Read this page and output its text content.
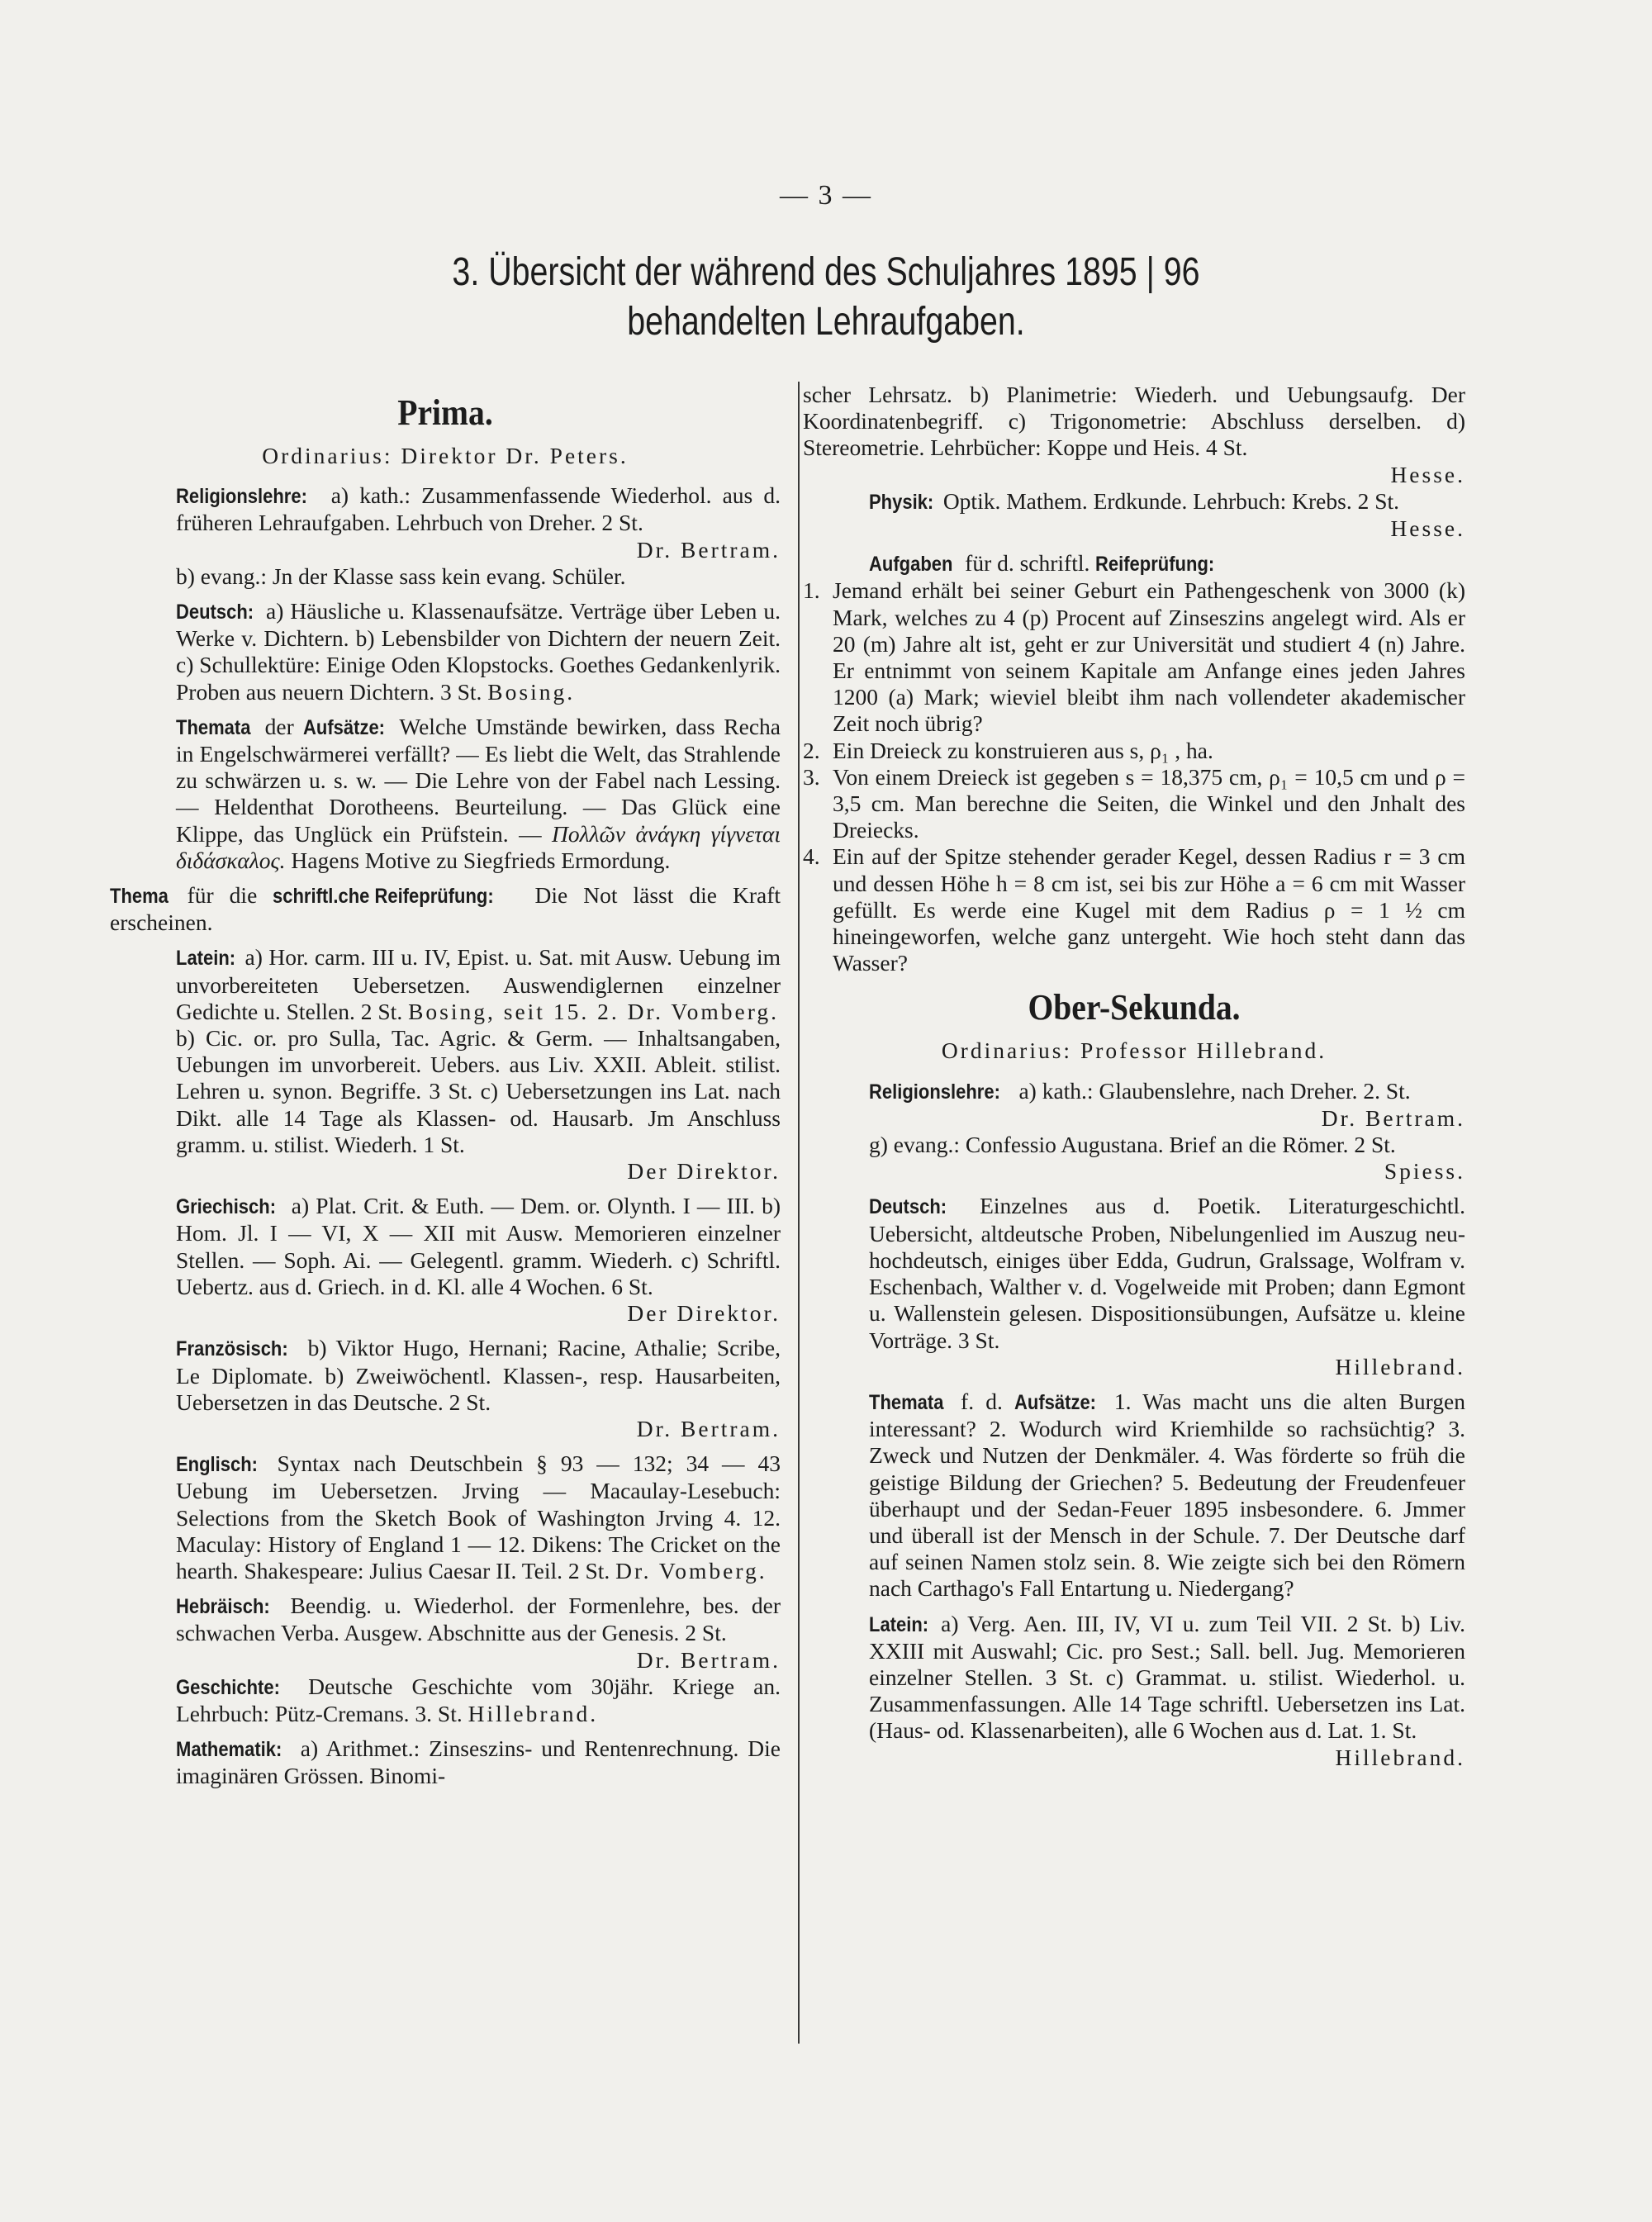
— 3 —
3. Übersicht der während des Schuljahres 1895 | 96
behandelten Lehraufgaben.
Prima.
Ordinarius: Direktor Dr. Peters.

Religionslehre: a) kath.: Zusammenfassende Wiederhol. aus d. früheren Lehraufgaben. Lehrbuch von Dreher. 2 St.

Dr. Bertram.

b) evang.: Jn der Klasse sass kein evang. Schüler.

Deutsch: a) Häusliche u. Klassenaufsätze. Verträge über Leben u. Werke v. Dichtern. b) Lebensbilder von Dichtern der neuern Zeit. c) Schullektüre: Einige Oden Klopstocks. Goethes Gedankenlyrik. Proben aus neuern Dichtern. 3 St. Bosing.

Themata der Aufsätze: Welche Umstände bewirken, dass Recha in Engelschwärmerei verfällt? — Es liebt die Welt, das Strahlende zu schwärzen u. s. w. — Die Lehre von der Fabel nach Lessing. — Heldenthat Dorotheens. Beurteilung. — Das Glück eine Klippe, das Unglück ein Prüfstein. — Πολλῶν ἀνάγκη γίγνεται διδάσκαλος. Hagens Motive zu Siegfrieds Ermordung.

Thema für die schriftl.che Reifeprüfung: Die Not lässt die Kraft erscheinen.

Latein: a) Hor. carm. III u. IV, Epist. u. Sat. mit Ausw. Uebung im unvorbereiteten Uebersetzen. Auswendiglernen einzelner Gedichte u. Stellen. 2 St. Bosing, seit 15. 2. Dr. Vomberg.

b) Cic. or. pro Sulla, Tac. Agric. & Germ. — Inhaltsangaben, Uebungen im unvorbereit. Uebers. aus Liv. XXII. Ableit. stilist. Lehren u. synon. Begriffe. 3 St. c) Uebersetzungen ins Lat. nach Dikt. alle 14 Tage als Klassen- od. Hausarb. Jm Anschluss gramm. u. stilist. Wiederh. 1 St.

Der Direktor.

Griechisch: a) Plat. Crit. & Euth. — Dem. or. Olynth. I — III. b) Hom. Jl. I — VI, X — XII mit Ausw. Memorieren einzelner Stellen. — Soph. Ai. — Gelegentl. gramm. Wiederh. c) Schriftl. Uebertz. aus d. Griech. in d. Kl. alle 4 Wochen. 6 St.

Der Direktor.

Französisch: b) Viktor Hugo, Hernani; Racine, Athalie; Scribe, Le Diplomate. b) Zweiwöchentl. Klassen-, resp. Hausarbeiten, Uebersetzen in das Deutsche. 2 St.

Dr. Bertram.

Englisch: Syntax nach Deutschbein § 93 — 132; 34 — 43 Uebung im Uebersetzen. Jrving — Macaulay-Lesebuch: Selections from the Sketch Book of Washington Jrving 4. 12. Maculay: History of England 1 — 12. Dikens: The Cricket on the hearth. Shakespeare: Julius Caesar II. Teil. 2 St. Dr. Vomberg.

Hebräisch: Beendig. u. Wiederhol. der Formenlehre, bes. der schwachen Verba. Ausgew. Abschnitte aus der Genesis. 2 St.

Dr. Bertram.

Geschichte: Deutsche Geschichte vom 30jähr. Kriege an. Lehrbuch: Pütz-Cremans. 3. St. Hillebrand.

Mathematik: a) Arithmet.: Zinseszins- und Rentenrechnung. Die imaginären Grössen. Binomi-

scher Lehrsatz. b) Planimetrie: Wiederh. und Uebungsaufg. Der Koordinatenbegriff. c) Trigonometrie: Abschluss derselben. d) Stereometrie. Lehrbücher: Koppe und Heis. 4 St.

Hesse.

Physik: Optik. Mathem. Erdkunde. Lehrbuch: Krebs. 2 St.

Hesse.

Aufgaben für d. schriftl. Reifeprüfung:

1. Jemand erhält bei seiner Geburt ein Pathengeschenk von 3000 (k) Mark, welches zu 4 (p) Procent auf Zinseszins angelegt wird. Als er 20 (m) Jahre alt ist, geht er zur Universität und studiert 4 (n) Jahre. Er entnimmt von seinem Kapitale am Anfange eines jeden Jahres 1200 (a) Mark; wieviel bleibt ihm nach vollendeter akademischer Zeit noch übrig?
2. Ein Dreieck zu konstruieren aus s, ρ₁ , ha.
3. Von einem Dreieck ist gegeben s = 18,375 cm, ρ₁ = 10,5 cm und ρ = 3,5 cm. Man berechne die Seiten, die Winkel und den Jnhalt des Dreiecks.
4. Ein auf der Spitze stehender gerader Kegel, dessen Radius r = 3 cm und dessen Höhe h = 8 cm ist, sei bis zur Höhe a = 6 cm mit Wasser gefüllt. Es werde eine Kugel mit dem Radius ρ = 1 ½ cm hineingeworfen, welche ganz untergeht. Wie hoch steht dann das Wasser?
Ober-Sekunda.
Ordinarius: Professor Hillebrand.

Religionslehre: a) kath.: Glaubenslehre, nach Dreher. 2. St.

Dr. Bertram.

g) evang.: Confessio Augustana. Brief an die Römer. 2 St.

Spiess.

Deutsch: Einzelnes aus d. Poetik. Literaturgeschichtl. Uebersicht, altdeutsche Proben, Nibelungenlied im Auszug neu-hochdeutsch, einiges über Edda, Gudrun, Gralssage, Wolfram v. Eschenbach, Walther v. d. Vogelweide mit Proben; dann Egmont u. Wallenstein gelesen. Dispositionsübungen, Aufsätze u. kleine Vorträge. 3 St.

Hillebrand.

Themata f. d. Aufsätze: 1. Was macht uns die alten Burgen interessant? 2. Wodurch wird Kriemhilde so rachsüchtig? 3. Zweck und Nutzen der Denkmäler. 4. Was förderte so früh die geistige Bildung der Griechen? 5. Bedeutung der Freudenfeuer überhaupt und der Sedan-Feuer 1895 insbesondere. 6. Jmmer und überall ist der Mensch in der Schule. 7. Der Deutsche darf auf seinen Namen stolz sein. 8. Wie zeigte sich bei den Römern nach Carthago's Fall Entartung u. Niedergang?

Latein: a) Verg. Aen. III, IV, VI u. zum Teil VII. 2 St. b) Liv. XXIII mit Auswahl; Cic. pro Sest.; Sall. bell. Jug. Memorieren einzelner Stellen. 3 St. c) Grammat. u. stilist. Wiederhol. u. Zusammenfassungen. Alle 14 Tage schriftl. Uebersetzen ins Lat. (Haus- od. Klassenarbeiten), alle 6 Wochen aus d. Lat. 1. St.

Hillebrand.
